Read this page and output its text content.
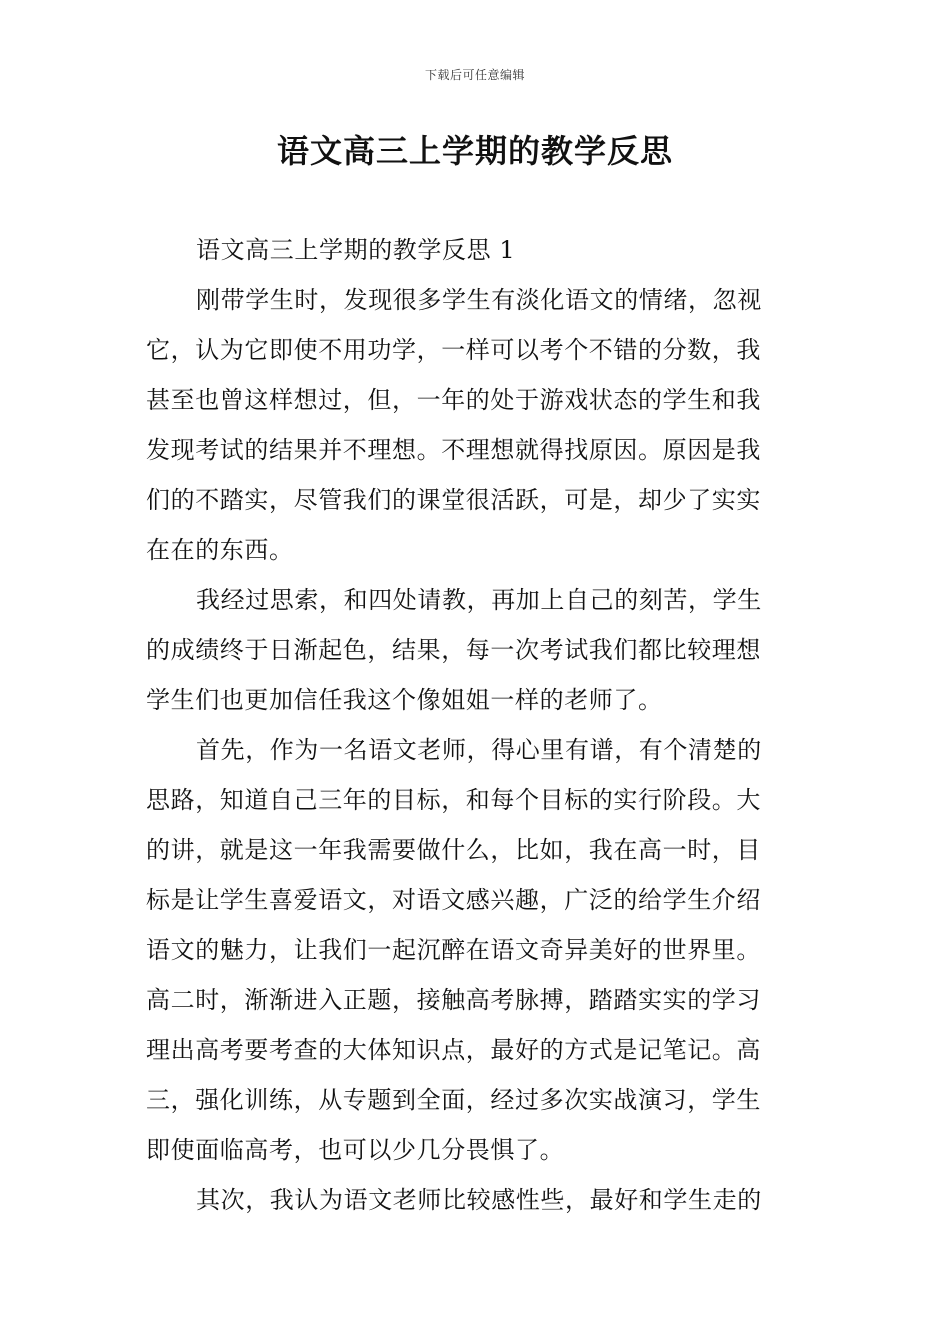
下载后可任意编辑
语文高三上学期的教学反思
语文高三上学期的教学反思 1
刚带学生时，发现很多学生有淡化语文的情绪，忽视
它，认为它即使不用功学，一样可以考个不错的分数，我
甚至也曾这样想过，但，一年的处于游戏状态的学生和我
发现考试的结果并不理想。不理想就得找原因。原因是我
们的不踏实，尽管我们的课堂很活跃，可是，却少了实实
在在的东西。
我经过思索，和四处请教，再加上自己的刻苦，学生
的成绩终于日渐起色，结果，每一次考试我们都比较理想
学生们也更加信任我这个像姐姐一样的老师了。
首先，作为一名语文老师，得心里有谱，有个清楚的
思路，知道自己三年的目标，和每个目标的实行阶段。大
的讲，就是这一年我需要做什么，比如，我在高一时，目
标是让学生喜爱语文，对语文感兴趣，广泛的给学生介绍
语文的魅力，让我们一起沉醉在语文奇异美好的世界里。
高二时，渐渐进入正题，接触高考脉搏，踏踏实实的学习
理出高考要考查的大体知识点，最好的方式是记笔记。高
三，强化训练，从专题到全面，经过多次实战演习，学生
即使面临高考，也可以少几分畏惧了。
其次，我认为语文老师比较感性些，最好和学生走的
